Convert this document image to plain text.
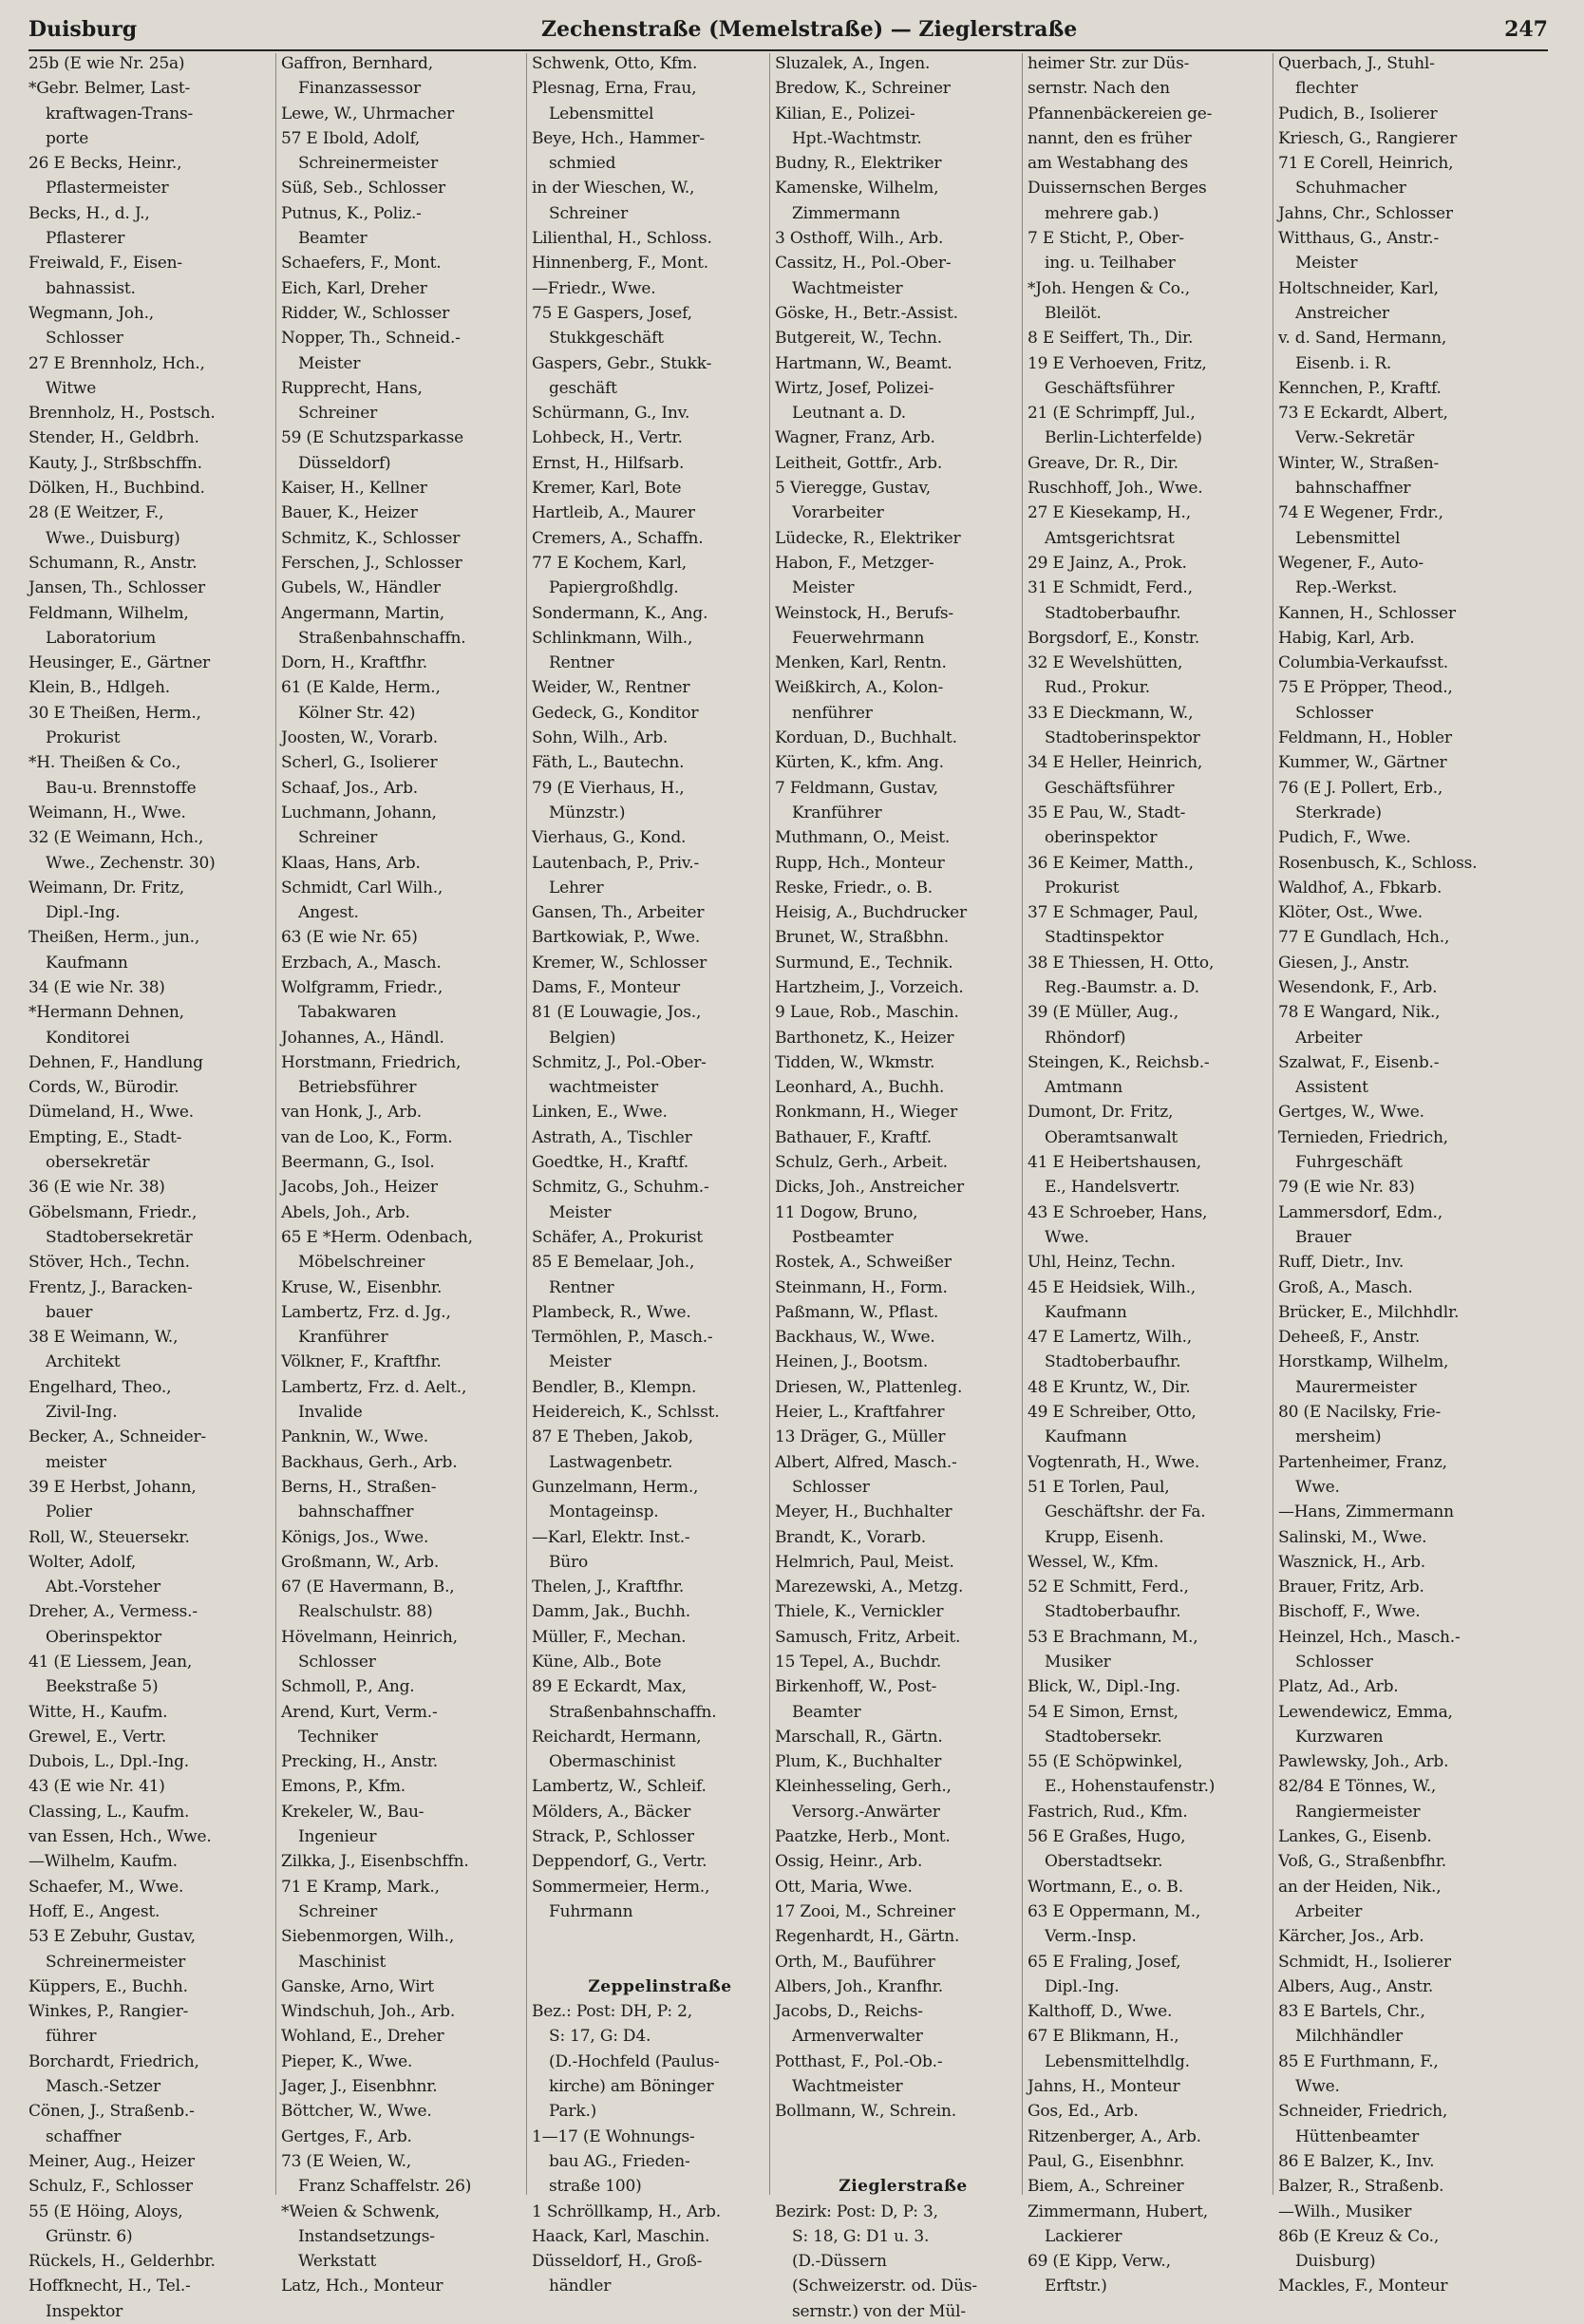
Duisburg	Zechenstraße (Memelstraße) — Zieglerstraße	247
25b (E wie Nr. 25a)
*Gebr. Belmer, Last-
kraftwagen-Trans-
porte
26 E Becks, Heinr.,
Pflastermeister
Becks, H., d. J.,
Pflasterer
Freiwald, F., Eisen-
bahnassist.
Wegmann, Joh.,
Schlosser
27 E Brennholz, Hch.,
Witwe
Brennholz, H., Postsch.
Stender, H., Geldbrh.
Kauty, J., Strßbschffn.
Dölken, H., Buchbind.
28 (E Weitzer, F.,
Wwe., Duisburg)
Schumann, R., Anstr.
Jansen, Th., Schlosser
Feldmann, Wilhelm,
Laboratorium
Heusinger, E., Gärtner
Klein, B., Hdlgeh.
30 E Theißen, Herm.,
Prokurist
*H. Theißen & Co.,
Bau-u. Brennstoffe
Weimann, H., Wwe.
32 (E Weimann, Hch.,
Wwe., Zechenstr. 30)
Weimann, Dr. Fritz,
Dipl.-Ing.
Theißen, Herm., jun.,
Kaufmann
34 (E wie Nr. 38)
*Hermann Dehnen,
Konditorei
Dehnen, F., Handlung
Cords, W., Bürodir.
Dümeland, H., Wwe.
Empting, E., Stadt-
obersekretär
36 (E wie Nr. 38)
Göbelsmann, Friedr.,
Stadtobersekretär
Stöver, Hch., Techn.
Frentz, J., Baracken-
bauer
38 E Weimann, W.,
Architekt
Engelhard, Theo.,
Zivil-Ing.
Becker, A., Schneider-
meister
39 E Herbst, Johann,
Polier
Roll, W., Steuersekr.
Wolter, Adolf,
Abt.-Vorsteher
Dreher, A., Vermess.-
Oberinspektor
41 (E Liessem, Jean,
Beekstraße 5)
Witte, H., Kaufm.
Grewel, E., Vertr.
Dubois, L., Dpl.-Ing.
43 (E wie Nr. 41)
Classing, L., Kaufm.
van Essen, Hch., Wwe.
—Wilhelm, Kaufm.
Schaefer, M., Wwe.
Hoff, E., Angest.
53 E Zebuhr, Gustav,
Schreinermeister
Küppers, E., Buchh.
Winkes, P., Rangier-
führer
Borchardt, Friedrich,
Masch.-Setzer
Cönen, J., Straßenb.-
schaffner
Meiner, Aug., Heizer
Schulz, F., Schlosser
55 (E Höing, Aloys,
Grünstr. 6)
Rückels, H., Gelderhbr.
Hoffknecht, H., Tel.-
Inspektor
Gaffron, Bernhard,
Finanzassessor
Lewe, W., Uhrmacher
57 E Ibold, Adolf,
Schreinermeister
Süß, Seb., Schlosser
Putnus, K., Poliz.-
Beamter
Schaefers, F., Mont.
Eich, Karl, Dreher
Ridder, W., Schlosser
Nopper, Th., Schneid.-
Meister
Rupprecht, Hans,
Schreiner
59 (E Schutzsparkasse
Düsseldorf)
Kaiser, H., Kellner
Bauer, K., Heizer
Schmitz, K., Schlosser
Ferschen, J., Schlosser
Gubels, W., Händler
Angermann, Martin,
Straßenbahnschaffn.
Dorn, H., Kraftfhr.
61 (E Kalde, Herm.,
Kölner Str. 42)
Joosten, W., Vorarb.
Scherl, G., Isolierer
Schaaf, Jos., Arb.
Luchmann, Johann,
Schreiner
Klaas, Hans, Arb.
Schmidt, Carl Wilh.,
Angest.
63 (E wie Nr. 65)
Erzbach, A., Masch.
Wolfgramm, Friedr.,
Tabakwaren
Johannes, A., Händl.
Horstmann, Friedrich,
Betriebsführer
van Honk, J., Arb.
van de Loo, K., Form.
Beermann, G., Isol.
Jacobs, Joh., Heizer
Abels, Joh., Arb.
65 E *Herm. Odenbach,
Möbelschreiner
Kruse, W., Eisenbhr.
Lambertz, Frz. d. Jg.,
Kranführer
Völkner, F., Kraftfhr.
Lambertz, Frz. d. Aelt.,
Invalide
Panknin, W., Wwe.
Backhaus, Gerh., Arb.
Berns, H., Straßen-
bahnschaffner
Königs, Jos., Wwe.
Großmann, W., Arb.
67 (E Havermann, B.,
Realschulstr. 88)
Hövelmann, Heinrich,
Schlosser
Schmoll, P., Ang.
Arend, Kurt, Verm.-
Techniker
Precking, H., Anstr.
Emons, P., Kfm.
Krekeler, W., Bau-
Ingenieur
Zilkka, J., Eisenbschffn.
71 E Kramp, Mark.,
Schreiner
Siebenmorgen, Wilh.,
Maschinist
Ganske, Arno, Wirt
Windschuh, Joh., Arb.
Wohland, E., Dreher
Pieper, K., Wwe.
Jager, J., Eisenbhnr.
Böttcher, W., Wwe.
Gertges, F., Arb.
73 (E Weien, W.,
Franz Schaffelstr. 26)
*Weien & Schwenk,
Instandsetzungs-
Werkstatt
Latz, Hch., Monteur
Schwenk, Otto, Kfm.
Plesnag, Erna, Frau,
Lebensmittel
Beye, Hch., Hammer-
schmied
in der Wieschen, W.,
Schreiner
Lilienthal, H., Schloss.
Hinnenberg, F., Mont.
—Friedr., Wwe.
75 E Gaspers, Josef,
Stukkgeschäft
Gaspers, Gebr., Stukk-
geschäft
Schürmann, G., Inv.
Lohbeck, H., Vertr.
Ernst, H., Hilfsarb.
Kremer, Karl, Bote
Hartleib, A., Maurer
Cremers, A., Schaffn.
77 E Kochem, Karl,
Papiergroßhdlg.
Sondermann, K., Ang.
Schlinkmann, Wilh.,
Rentner
Weider, W., Rentner
Gedeck, G., Konditor
Sohn, Wilh., Arb.
Fäth, L., Bautechn.
79 (E Vierhaus, H.,
Münzstr.)
Vierhaus, G., Kond.
Lautenbach, P., Priv.-
Lehrer
Gansen, Th., Arbeiter
Bartkowiak, P., Wwe.
Kremer, W., Schlosser
Dams, F., Monteur
81 (E Louwagie, Jos.,
Belgien)
Schmitz, J., Pol.-Ober-
wachtmeister
Linken, E., Wwe.
Astrath, A., Tischler
Goedtke, H., Kraftf.
Schmitz, G., Schuhm.-
Meister
Schäfer, A., Prokurist
85 E Bemelaar, Joh.,
Rentner
Plambeck, R., Wwe.
Termöhlen, P., Masch.-
Meister
Bendler, B., Klempn.
Heidereich, K., Schlsst.
87 E Theben, Jakob,
Lastwagenbetr.
Gunzelmann, Herm.,
Montageinsp.
—Karl, Elektr. Inst.-
Büro
Thelen, J., Kraftfhr.
Damm, Jak., Buchh.
Müller, F., Mechan.
Küne, Alb., Bote
89 E Eckardt, Max,
Straßenbahnschaffn.
Reichardt, Hermann,
Obermaschinist
Lambertz, W., Schleif.
Mölders, A., Bäcker
Strack, P., Schlosser
Deppendorf, G., Vertr.
Sommermeier, Herm.,
Fuhrmann
Zeppelinstraße
Bez.: Post: DH, P: 2,
S: 17, G: D4.
(D.-Hochfeld (Paulus-
kirche) am Böninger
Park.)
1—17 (E Wohnungs-
bau AG., Frieden-
straße 100)
1 Schröllkamp, H., Arb.
Haack, Karl, Maschin.
Düsseldorf, H., Groß-
händler
Sluzalek, A., Ingen.
Bredow, K., Schreiner
Kilian, E., Polizei-
Hpt.-Wachtmstr.
Budny, R., Elektriker
Kamenske, Wilhelm,
Zimmermann
3 Osthoff, Wilh., Arb.
Cassitz, H., Pol.-Ober-
Wachtmeister
Göske, H., Betr.-Assist.
Butgereit, W., Techn.
Hartmann, W., Beamt.
Wirtz, Josef, Polizei-
Leutnant a. D.
Wagner, Franz, Arb.
Leitheit, Gottfr., Arb.
5 Vieregge, Gustav,
Vorarbeiter
Lüdecke, R., Elektriker
Habon, F., Metzger-
Meister
Weinstock, H., Berufs-
Feuerwehrmann
Menken, Karl, Rentn.
Weißkirch, A., Kolon-
nenführer
Korduan, D., Buchhalt.
Kürten, K., kfm. Ang.
7 Feldmann, Gustav,
Kranführer
Muthmann, O., Meist.
Rupp, Hch., Monteur
Reske, Friedr., o. B.
Heisig, A., Buchdrucker
Brunet, W., Straßbhn.
Surmund, E., Technik.
Hartzheim, J., Vorzeich.
9 Laue, Rob., Maschin.
Barthonetz, K., Heizer
Tidden, W., Wkmstr.
Leonhard, A., Buchh.
Ronkmann, H., Wieger
Bathauer, F., Kraftf.
Schulz, Gerh., Arbeit.
Dicks, Joh., Anstreicher
11 Dogow, Bruno,
Postbeamter
Rostek, A., Schweißer
Steinmann, H., Form.
Paßmann, W., Pflast.
Backhaus, W., Wwe.
Heinen, J., Bootsm.
Driesen, W., Plattenleg.
Heier, L., Kraftfahrer
13 Dräger, G., Müller
Albert, Alfred, Masch.-
Schlosser
Meyer, H., Buchhalter
Brandt, K., Vorarb.
Helmrich, Paul, Meist.
Marezewski, A., Metzg.
Thiele, K., Vernickler
Samusch, Fritz, Arbeit.
15 Tepel, A., Buchdr.
Birkenhoff, W., Post-
Beamter
Marschall, R., Gärtn.
Plum, K., Buchhalter
Kleinhesseling, Gerh.,
Versorg.-Anwärter
Paatzke, Herb., Mont.
Ossig, Heinr., Arb.
Ott, Maria, Wwe.
17 Zooi, M., Schreiner
Regenhardt, H., Gärtn.
Orth, M., Bauführer
Albers, Joh., Kranfhr.
Jacobs, D., Reichs-
Armenverwalter
Potthast, F., Pol.-Ob.-
Wachtmeister
Bollmann, W., Schrein.
Zieglerstraße
Bezirk: Post: D, P: 3,
S: 18, G: D1 u. 3.
(D.-Düssern
(Schweizerstr. od. Düs-
sernstr.) von der Mül-
heimer Str. zur Düs-
sernstr. Nach den
Pfannenbäckereien ge-
nannt, den es früher
am Westabhang des
Duissernschen Berges
mehrere gab.)
7 E Sticht, P., Ober-
ing. u. Teilhaber
*Joh. Hengen & Co.,
Bleilöt.
8 E Seiffert, Th., Dir.
19 E Verhoeven, Fritz,
Geschäftsführer
21 (E Schrimpff, Jul.,
Berlin-Lichterfelde)
Greave, Dr. R., Dir.
Ruschhoff, Joh., Wwe.
27 E Kiesekamp, H.,
Amtsgerichtsrat
29 E Jainz, A., Prok.
31 E Schmidt, Ferd.,
Stadtoberbaufhr.
Borgsdorf, E., Konstr.
32 E Wevelshütten,
Rud., Prokur.
33 E Dieckmann, W.,
Stadtoberinspektor
34 E Heller, Heinrich,
Geschäftsführer
35 E Pau, W., Stadt-
oberinspektor
36 E Keimer, Matth.,
Prokurist
37 E Schmager, Paul,
Stadtinspektor
38 E Thiessen, H. Otto,
Reg.-Baumstr. a. D.
39 (E Müller, Aug.,
Rhöndorf)
Steingen, K., Reichsb.-
Amtmann
Dumont, Dr. Fritz,
Oberamtsanwalt
41 E Heibertshausen,
E., Handelsvertr.
43 E Schroeber, Hans,
Wwe.
Uhl, Heinz, Techn.
45 E Heidsiek, Wilh.,
Kaufmann
47 E Lamertz, Wilh.,
Stadtoberbaufhr.
48 E Kruntz, W., Dir.
49 E Schreiber, Otto,
Kaufmann
Vogtenrath, H., Wwe.
51 E Torlen, Paul,
Geschäftshr. der Fa.
Krupp, Eisenh.
Wessel, W., Kfm.
52 E Schmitt, Ferd.,
Stadtoberbaufhr.
53 E Brachmann, M.,
Musiker
Blick, W., Dipl.-Ing.
54 E Simon, Ernst,
Stadtobersekr.
55 (E Schöpwinkel,
E., Hohenstaufenstr.)
Fastrich, Rud., Kfm.
56 E Graßes, Hugo,
Oberstadtsekr.
Wortmann, E., o. B.
63 E Oppermann, M.,
Verm.-Insp.
65 E Fraling, Josef,
Dipl.-Ing.
Kalthoff, D., Wwe.
67 E Blikmann, H.,
Lebensmittelhdlg.
Jahns, H., Monteur
Gos, Ed., Arb.
Ritzenberger, A., Arb.
Paul, G., Eisenbhnr.
Biem, A., Schreiner
Zimmermann, Hubert,
Lackierer
69 (E Kipp, Verw.,
Erftstr.)
Querbach, J., Stuhl-
flechter
Pudich, B., Isolierer
Kriesch, G., Rangierer
71 E Corell, Heinrich,
Schuhmacher
Jahns, Chr., Schlosser
Witthaus, G., Anstr.-
Meister
Holtschneider, Karl,
Anstreicher
v. d. Sand, Hermann,
Eisenb. i. R.
Kennchen, P., Kraftf.
73 E Eckardt, Albert,
Verw.-Sekretär
Winter, W., Straßen-
bahnschaffner
74 E Wegener, Frdr.,
Lebensmittel
Wegener, F., Auto-
Rep.-Werkst.
Kannen, H., Schlosser
Habig, Karl, Arb.
Columbia-Verkaufsst.
75 E Pröpper, Theod.,
Schlosser
Feldmann, H., Hobler
Kummer, W., Gärtner
76 (E J. Pollert, Erb.,
Sterkrade)
Pudich, F., Wwe.
Rosenbusch, K., Schloss.
Waldhof, A., Fbkarb.
Klöter, Ost., Wwe.
77 E Gundlach, Hch.,
Giesen, J., Anstr.
Wesendonk, F., Arb.
78 E Wangard, Nik.,
Arbeiter
Szalwat, F., Eisenb.-
Assistent
Gertges, W., Wwe.
Ternieden, Friedrich,
Fuhrgeschäft
79 (E wie Nr. 83)
Lammersdorf, Edm.,
Brauer
Ruff, Dietr., Inv.
Groß, A., Masch.
Brücker, E., Milchhdlr.
Deheeß, F., Anstr.
Horstkamp, Wilhelm,
Maurermeister
80 (E Nacilsky, Frie-
mersheim)
Partenheimer, Franz,
Wwe.
—Hans, Zimmermann
Salinski, M., Wwe.
Wasznick, H., Arb.
Brauer, Fritz, Arb.
Bischoff, F., Wwe.
Heinzel, Hch., Masch.-
Schlosser
Platz, Ad., Arb.
Lewendewicz, Emma,
Kurzwaren
Pawlewsky, Joh., Arb.
82/84 E Tönnes, W.,
Rangiermeister
Lankes, G., Eisenb.
Voß, G., Straßenbfhr.
an der Heiden, Nik.,
Arbeiter
Kärcher, Jos., Arb.
Schmidt, H., Isolierer
Albers, Aug., Anstr.
83 E Bartels, Chr.,
Milchhändler
85 E Furthmann, F.,
Wwe.
Schneider, Friedrich,
Hüttenbeamter
86 E Balzer, K., Inv.
Balzer, R., Straßenb.
—Wilh., Musiker
86b (E Kreuz & Co.,
Duisburg)
Mackles, F., Monteur
